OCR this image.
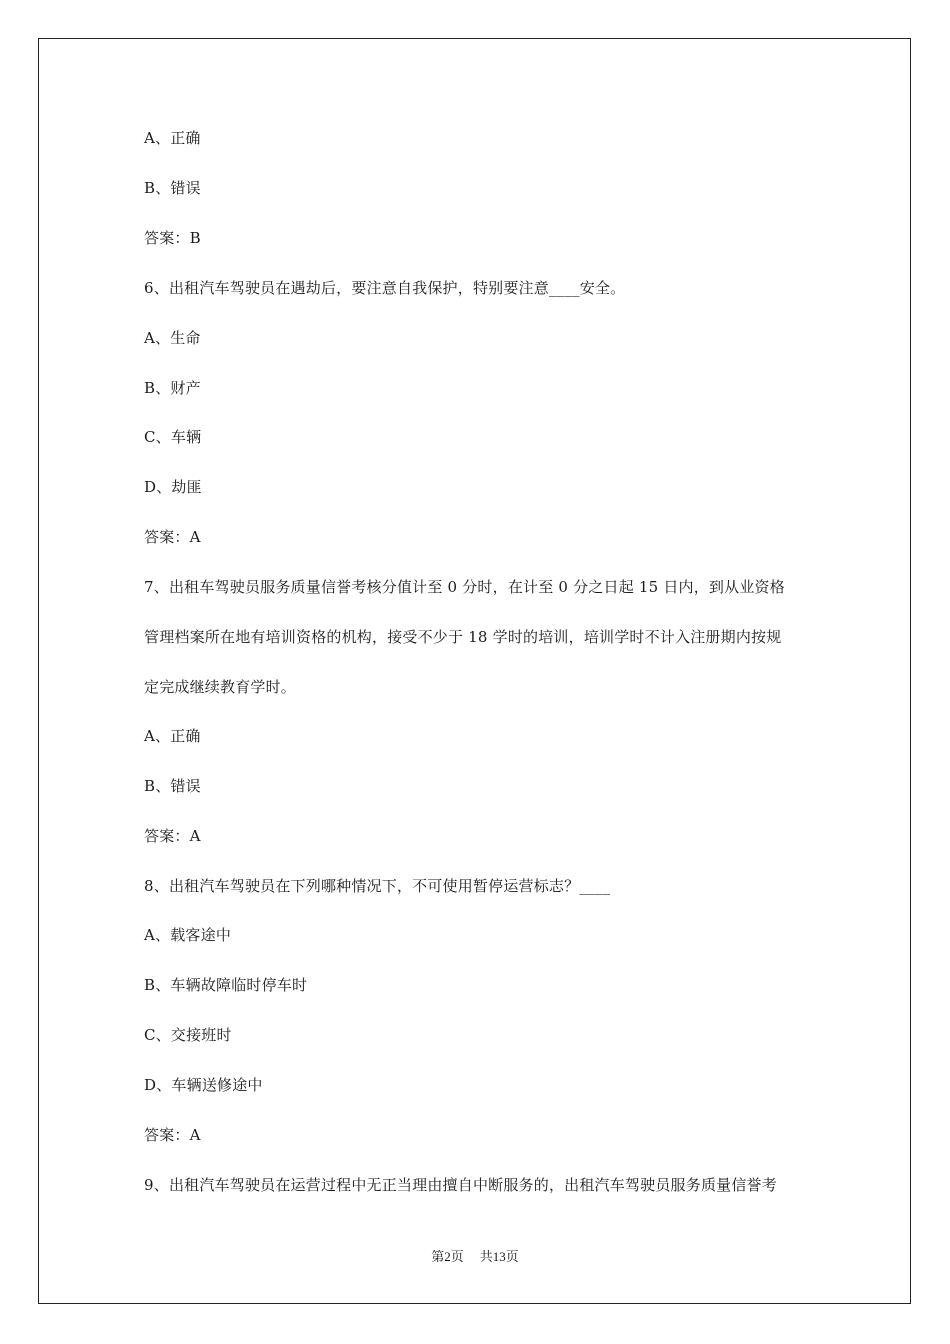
A、正确
B、错误
答案：B
6、出租汽车驾驶员在遇劫后，要注意自我保护，特别要注意____安全。
A、生命
B、财产
C、车辆
D、劫匪
答案：A
7、出租车驾驶员服务质量信誉考核分值计至 0 分时，在计至 0 分之日起 15 日内，到从业资格
管理档案所在地有培训资格的机构，接受不少于 18 学时的培训，培训学时不计入注册期内按规
定完成继续教育学时。
A、正确
B、错误
答案：A
8、出租汽车驾驶员在下列哪种情况下，不可使用暂停运营标志？____
A、载客途中
B、车辆故障临时停车时
C、交接班时
D、车辆送修途中
答案：A
9、出租汽车驾驶员在运营过程中无正当理由擅自中断服务的，出租汽车驾驶员服务质量信誉考
第2页 共13页
